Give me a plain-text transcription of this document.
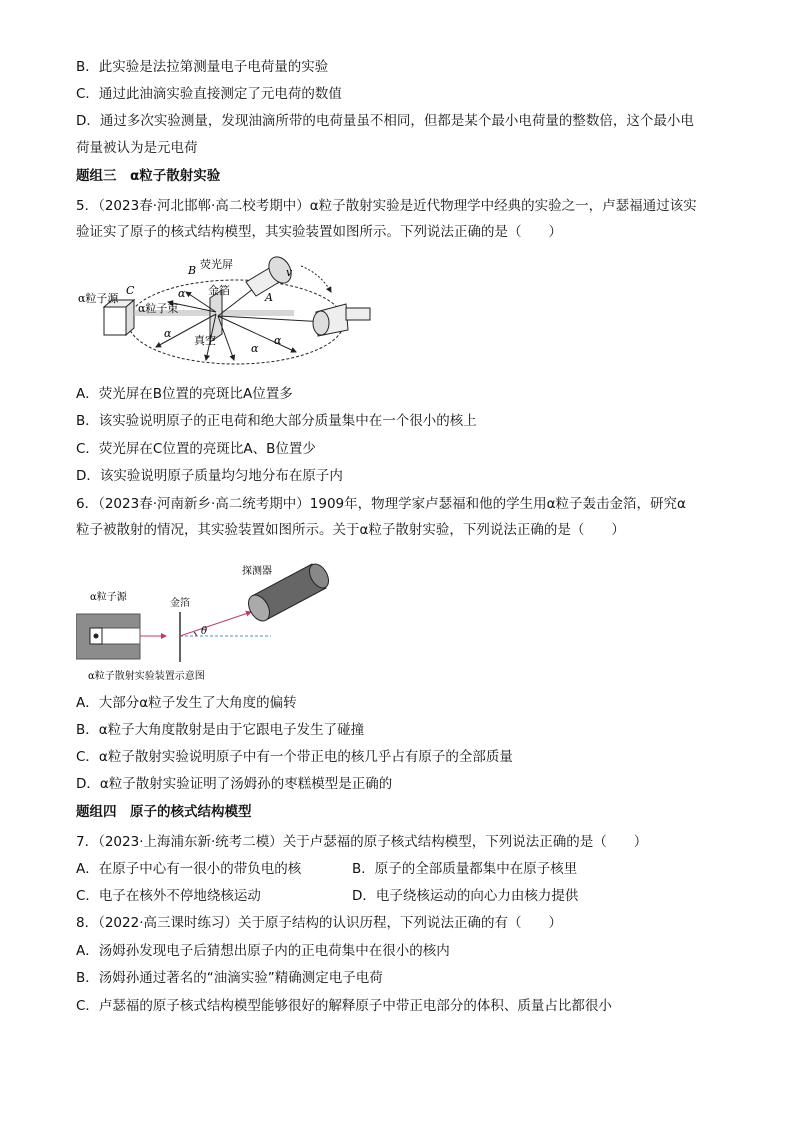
B．此实验是法拉第测量电子电荷量的实验
C．通过此油滴实验直接测定了元电荷的数值
D．通过多次实验测量，发现油滴所带的电荷量虽不相同，但都是某个最小电荷量的整数倍，这个最小电
荷量被认为是元电荷
题组三　α粒子散射实验
5．（2023春·河北邯郸·高二校考期中）α粒子散射实验是近代物理学中经典的实验之一，卢瑟福通过该实
验证实了原子的核式结构模型，其实验装置如图所示。下列说法正确的是（　　）
α粒子源
C
B 荧光屏
A
v
金箔
α粒子束
真空
α
α
α
α
A．荧光屏在B位置的亮斑比A位置多
B．该实验说明原子的正电荷和绝大部分质量集中在一个很小的核上
C．荧光屏在C位置的亮斑比A、B位置少
D．该实验说明原子质量均匀地分布在原子内
6．（2023春·河南新乡·高二统考期中）1909年，物理学家卢瑟福和他的学生用α粒子轰击金箔，研究α
粒子被散射的情况，其实验装置如图所示。关于α粒子散射实验，下列说法正确的是（　　）
α粒子源
金箔
探测器
θ
α粒子散射实验装置示意图
A．大部分α粒子发生了大角度的偏转
B．α粒子大角度散射是由于它跟电子发生了碰撞
C．α粒子散射实验说明原子中有一个带正电的核几乎占有原子的全部质量
D．α粒子散射实验证明了汤姆孙的枣糕模型是正确的
题组四　原子的核式结构模型
7．（2023·上海浦东新·统考二模）关于卢瑟福的原子核式结构模型，下列说法正确的是（　　）
A．在原子中心有一很小的带负电的核	B．原子的全部质量都集中在原子核里
C．电子在核外不停地绕核运动	D．电子绕核运动的向心力由核力提供
8．（2022·高三课时练习）关于原子结构的认识历程，下列说法正确的有（　　）
A．汤姆孙发现电子后猜想出原子内的正电荷集中在很小的核内
B．汤姆孙通过著名的“油滴实验”精确测定电子电荷
C．卢瑟福的原子核式结构模型能够很好的解释原子中带正电部分的体积、质量占比都很小
